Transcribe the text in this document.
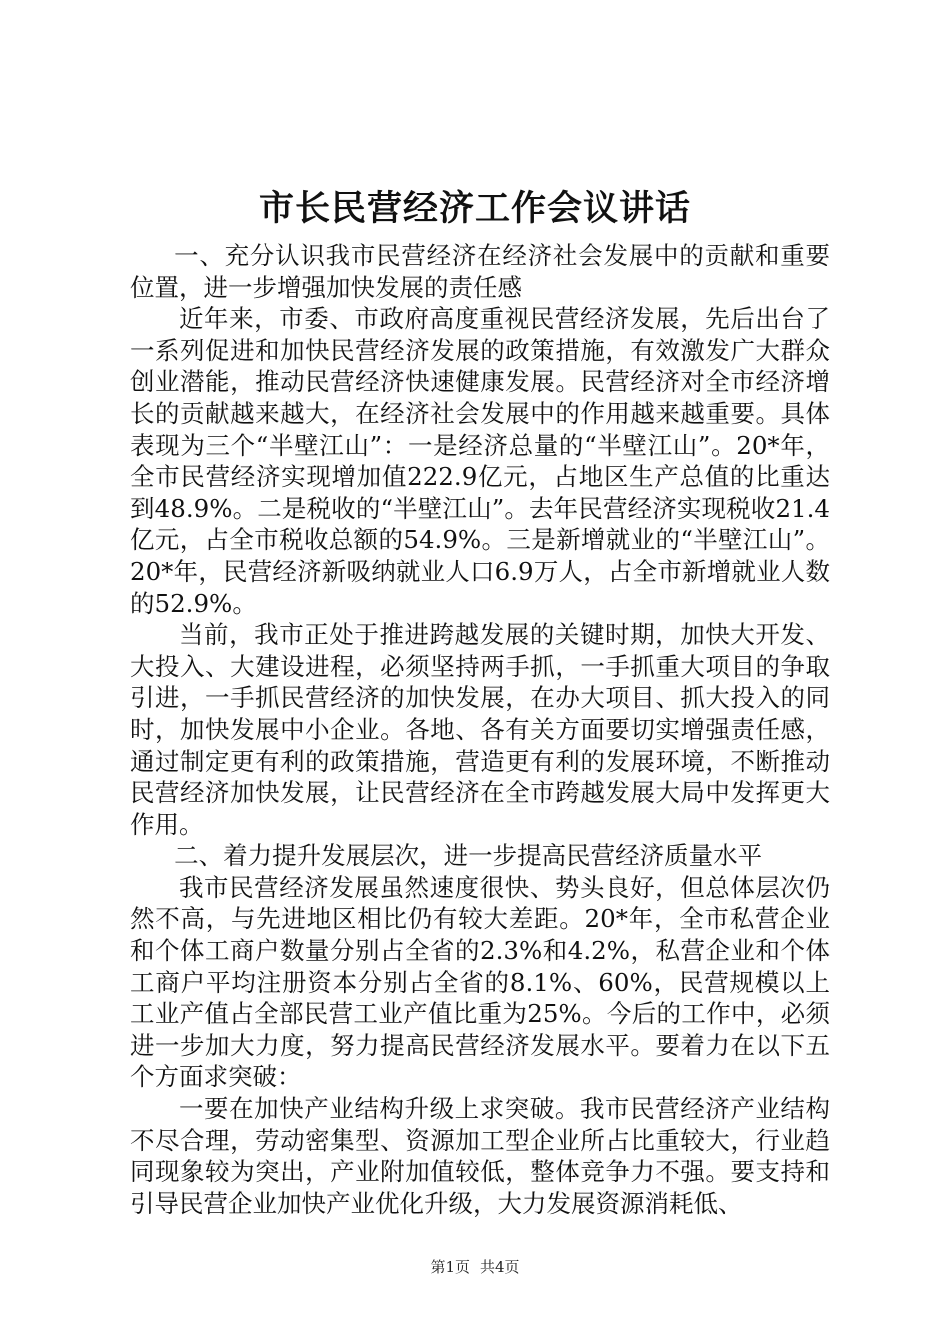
市长民营经济工作会议讲话

一、充分认识我市民营经济在经济社会发展中的贡献和重要位置，进一步增强加快发展的责任感

近年来，市委、市政府高度重视民营经济发展，先后出台了一系列促进和加快民营经济发展的政策措施，有效激发广大群众创业潜能，推动民营经济快速健康发展。民营经济对全市经济增长的贡献越来越大，在经济社会发展中的作用越来越重要。具体表现为三个“半壁江山”：一是经济总量的“半壁江山”。20*年，全市民营经济实现增加值222.9亿元，占地区生产总值的比重达到48.9%。二是税收的“半壁江山”。去年民营经济实现税收21.4亿元，占全市税收总额的54.9%。三是新增就业的“半壁江山”。20*年，民营经济新吸纳就业人口6.9万人，占全市新增就业人数的52.9%。

当前，我市正处于推进跨越发展的关键时期，加快大开发、大投入、大建设进程，必须坚持两手抓，一手抓重大项目的争取引进，一手抓民营经济的加快发展，在办大项目、抓大投入的同时，加快发展中小企业。各地、各有关方面要切实增强责任感，通过制定更有利的政策措施，营造更有利的发展环境，不断推动民营经济加快发展，让民营经济在全市跨越发展大局中发挥更大作用。

二、着力提升发展层次，进一步提高民营经济质量水平

我市民营经济发展虽然速度很快、势头良好，但总体层次仍然不高，与先进地区相比仍有较大差距。20*年，全市私营企业和个体工商户数量分别占全省的2.3%和4.2%，私营企业和个体工商户平均注册资本分别占全省的8.1%、60%，民营规模以上工业产值占全部民营工业产值比重为25%。今后的工作中，必须进一步加大力度，努力提高民营经济发展水平。要着力在以下五个方面求突破：

一要在加快产业结构升级上求突破。我市民营经济产业结构不尽合理，劳动密集型、资源加工型企业所占比重较大，行业趋同现象较为突出，产业附加值较低，整体竞争力不强。要支持和引导民营企业加快产业优化升级，大力发展资源消耗低、

第1页 共4页
